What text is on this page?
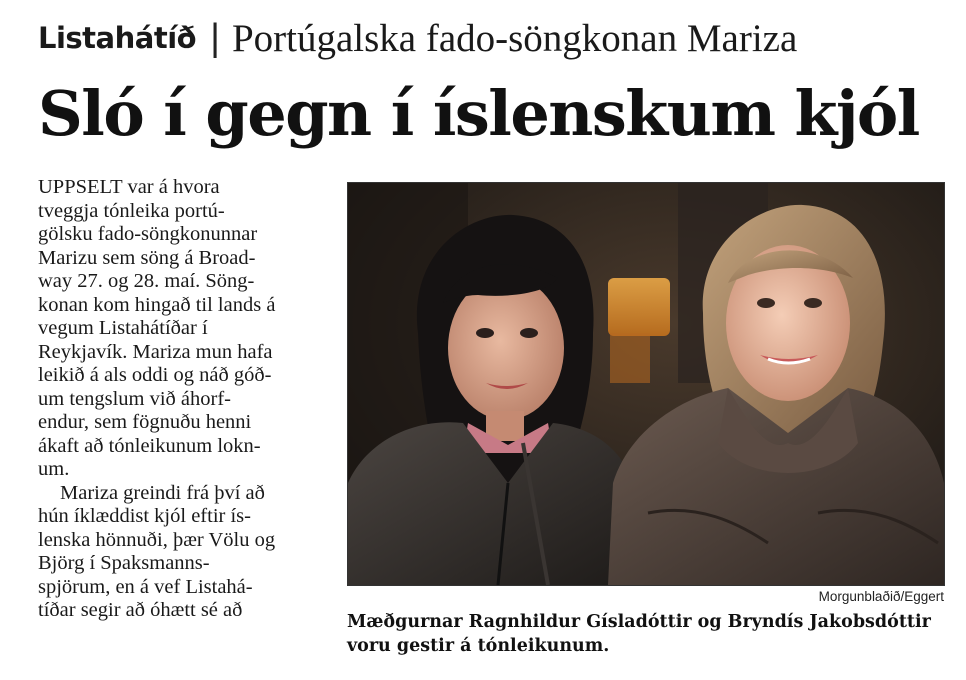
Listahátíð | Portúgalska fado-söngkonan Mariza
Sló í gegn í íslenskum kjól
UPPSELT var á hvora
tveggja tónleika portú-
gölsku fado-söngkonunnar
Marizu sem söng á Broad-
way 27. og 28. maí. Söng-
konan kom hingað til lands á
vegum Listahátíðar í
Reykjavík. Mariza mun hafa
leikið á als oddi og náð góð-
um tengslum við áhorf-
endur, sem fögnuðu henni
ákaft að tónleikunum lokn-
um.
Mariza greindi frá því að
hún íklæddist kjól eftir ís-
lenska hönnuði, þær Völu og
Björg í Spaksmanns-
spjörum, en á vef Listahá-
tíðar segir að óhætt sé að
Morgunblaðið/Eggert
Mæðgurnar Ragnhildur Gísladóttir og Bryndís Jakobsdóttir
voru gestir á tónleikunum.
